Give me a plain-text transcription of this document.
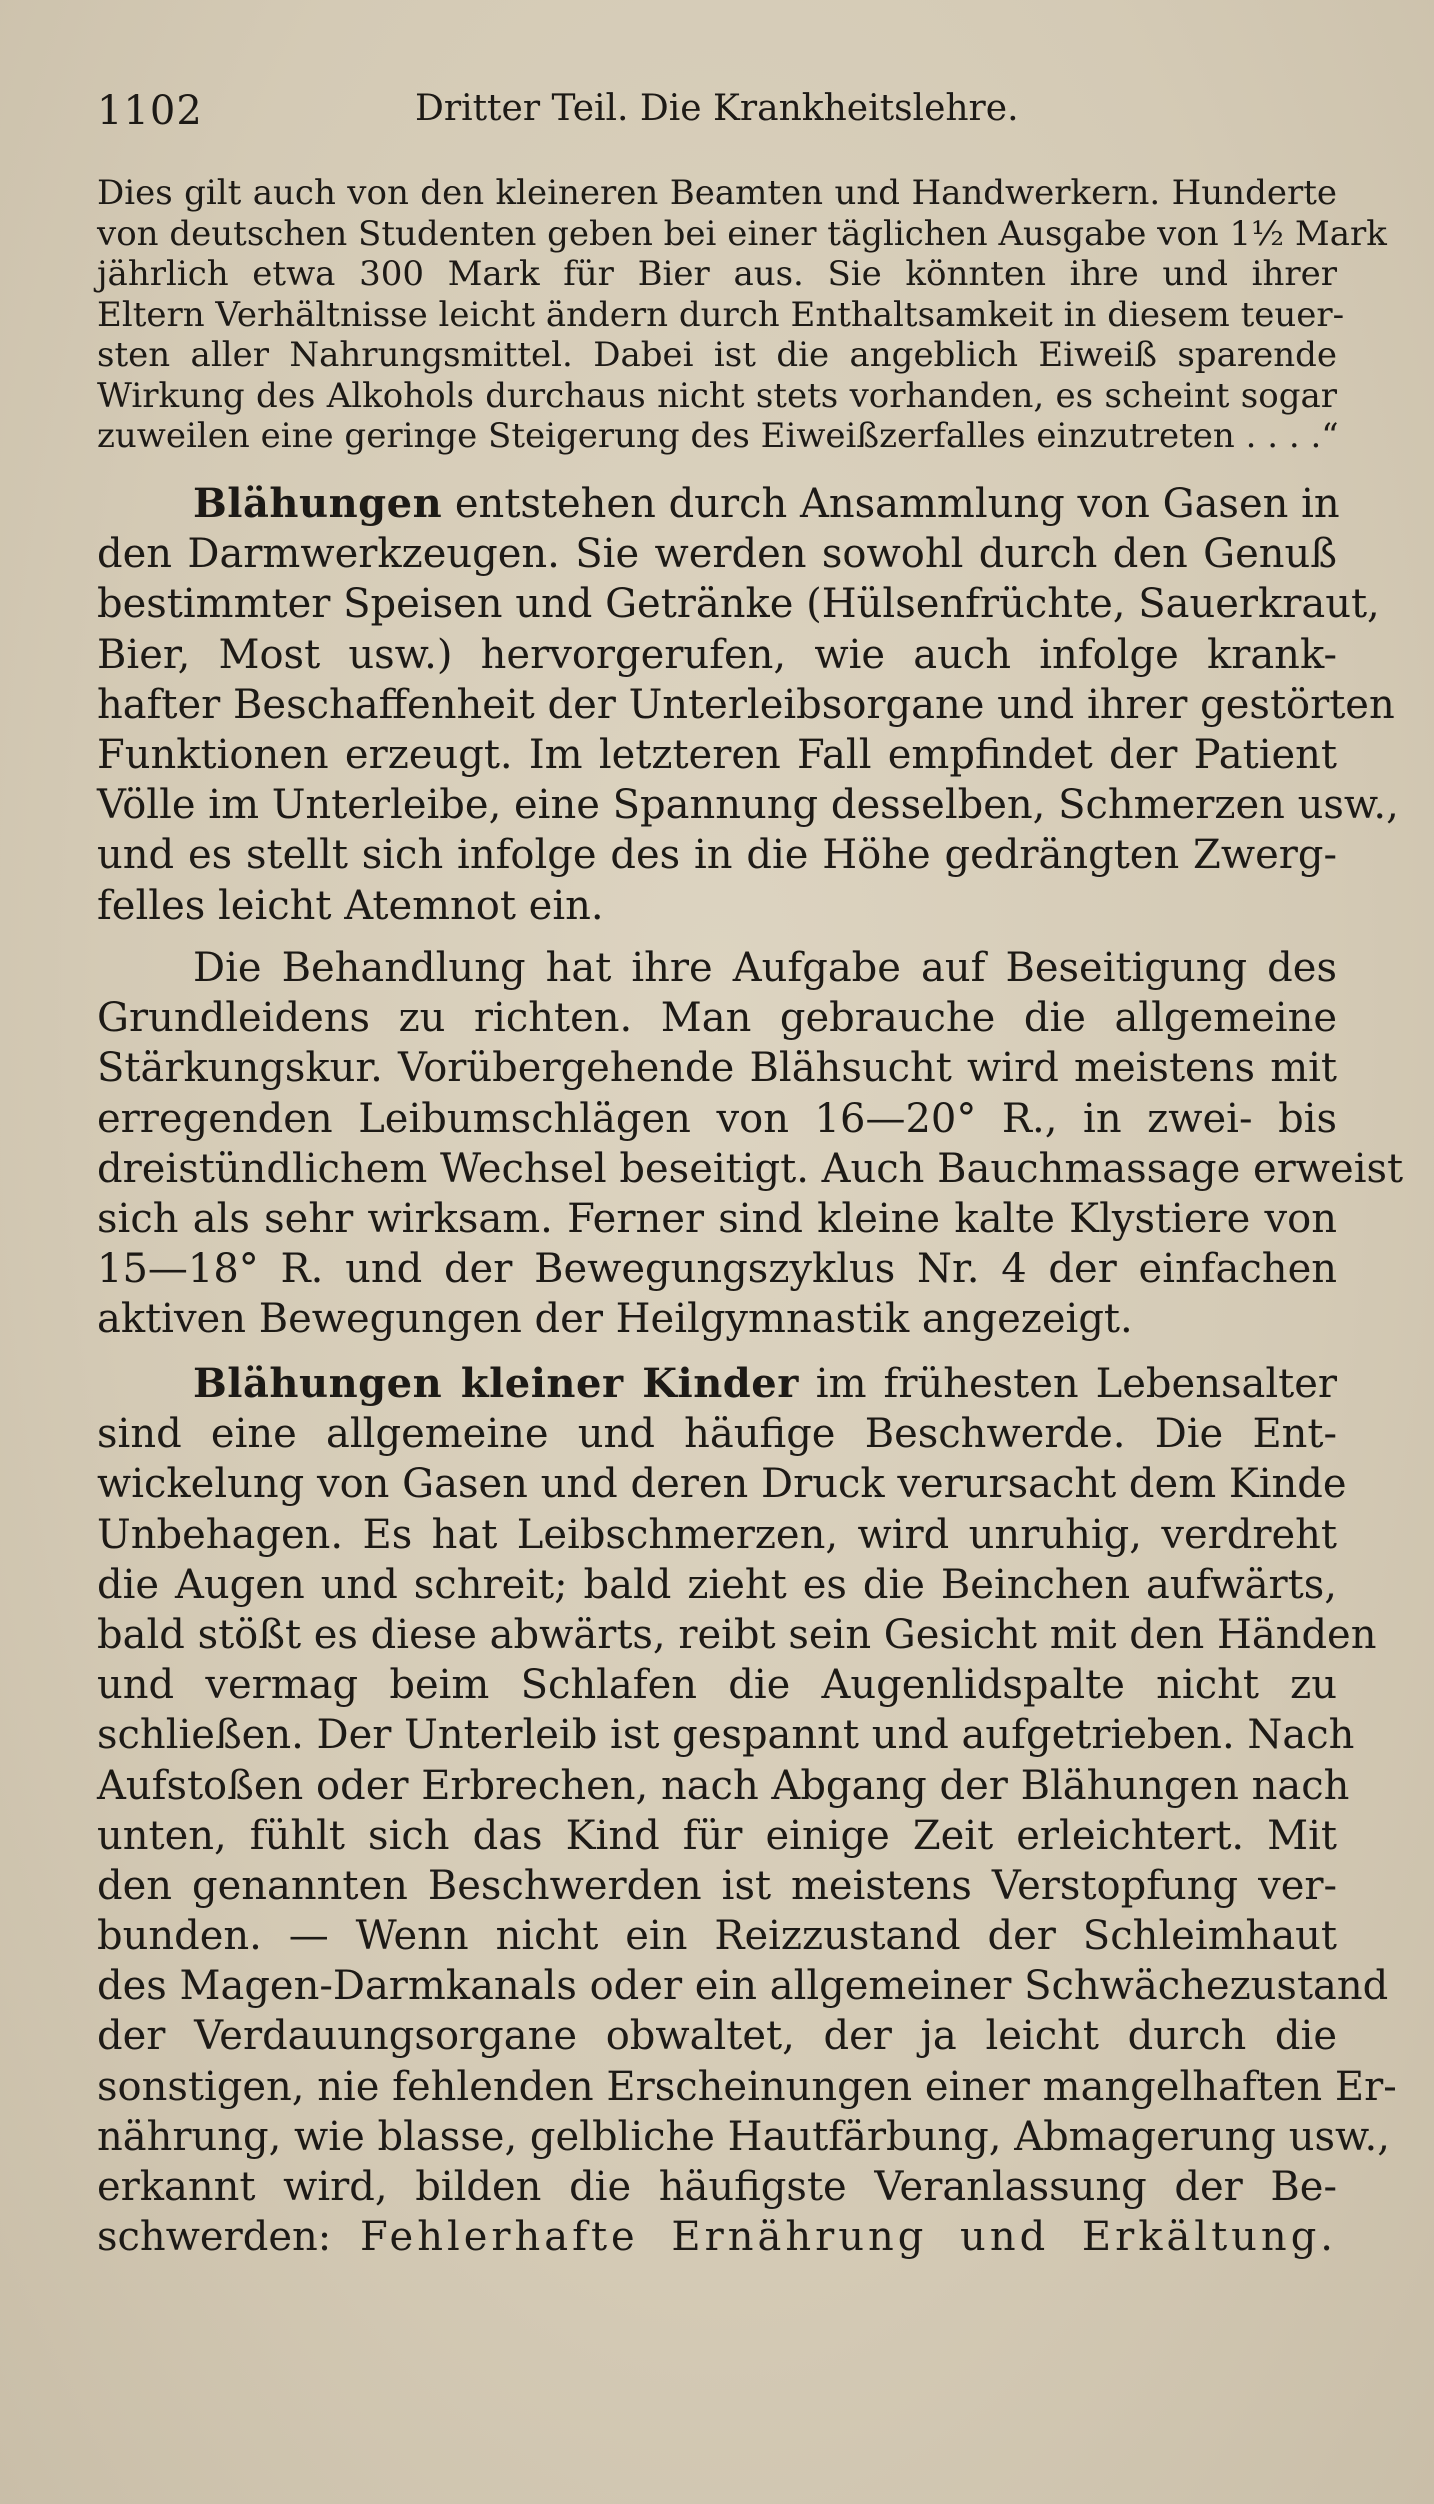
1102	Dritter Teil. Die Krankheitslehre.
Dies gilt auch von den kleineren Beamten und Handwerkern. Hunderte
von deutschen Studenten geben bei einer täglichen Ausgabe von 1½ Mark
jährlich etwa 300 Mark für Bier aus. Sie könnten ihre und ihrer
Eltern Verhältnisse leicht ändern durch Enthaltsamkeit in diesem teuer-
sten aller Nahrungsmittel. Dabei ist die angeblich Eiweiß sparende
Wirkung des Alkohols durchaus nicht stets vorhanden, es scheint sogar
zuweilen eine geringe Steigerung des Eiweißzerfalles einzutreten . . . .“
Blähungen entstehen durch Ansammlung von Gasen in
den Darmwerkzeugen. Sie werden sowohl durch den Genuß
bestimmter Speisen und Getränke (Hülsenfrüchte, Sauerkraut,
Bier, Most usw.) hervorgerufen, wie auch infolge krank-
hafter Beschaffenheit der Unterleibsorgane und ihrer gestörten
Funktionen erzeugt. Im letzteren Fall empfindet der Patient
Völle im Unterleibe, eine Spannung desselben, Schmerzen usw.,
und es stellt sich infolge des in die Höhe gedrängten Zwerg-
felles leicht Atemnot ein.
Die Behandlung hat ihre Aufgabe auf Beseitigung des
Grundleidens zu richten. Man gebrauche die allgemeine
Stärkungskur. Vorübergehende Blähsucht wird meistens mit
erregenden Leibumschlägen von 16—20° R., in zwei- bis
dreistündlichem Wechsel beseitigt. Auch Bauchmassage erweist
sich als sehr wirksam. Ferner sind kleine kalte Klystiere von
15—18° R. und der Bewegungszyklus Nr. 4 der einfachen
aktiven Bewegungen der Heilgymnastik angezeigt.
Blähungen kleiner Kinder im frühesten Lebensalter
sind eine allgemeine und häufige Beschwerde. Die Ent-
wickelung von Gasen und deren Druck verursacht dem Kinde
Unbehagen. Es hat Leibschmerzen, wird unruhig, verdreht
die Augen und schreit; bald zieht es die Beinchen aufwärts,
bald stößt es diese abwärts, reibt sein Gesicht mit den Händen
und vermag beim Schlafen die Augenlidspalte nicht zu
schließen. Der Unterleib ist gespannt und aufgetrieben. Nach
Aufstoßen oder Erbrechen, nach Abgang der Blähungen nach
unten, fühlt sich das Kind für einige Zeit erleichtert. Mit
den genannten Beschwerden ist meistens Verstopfung ver-
bunden. — Wenn nicht ein Reizzustand der Schleimhaut
des Magen-Darmkanals oder ein allgemeiner Schwächezustand
der Verdauungsorgane obwaltet, der ja leicht durch die
sonstigen, nie fehlenden Erscheinungen einer mangelhaften Er-
nährung, wie blasse, gelbliche Hautfärbung, Abmagerung usw.,
erkannt wird, bilden die häufigste Veranlassung der Be-
schwerden: Fehlerhafte Ernährung und Erkältung.
